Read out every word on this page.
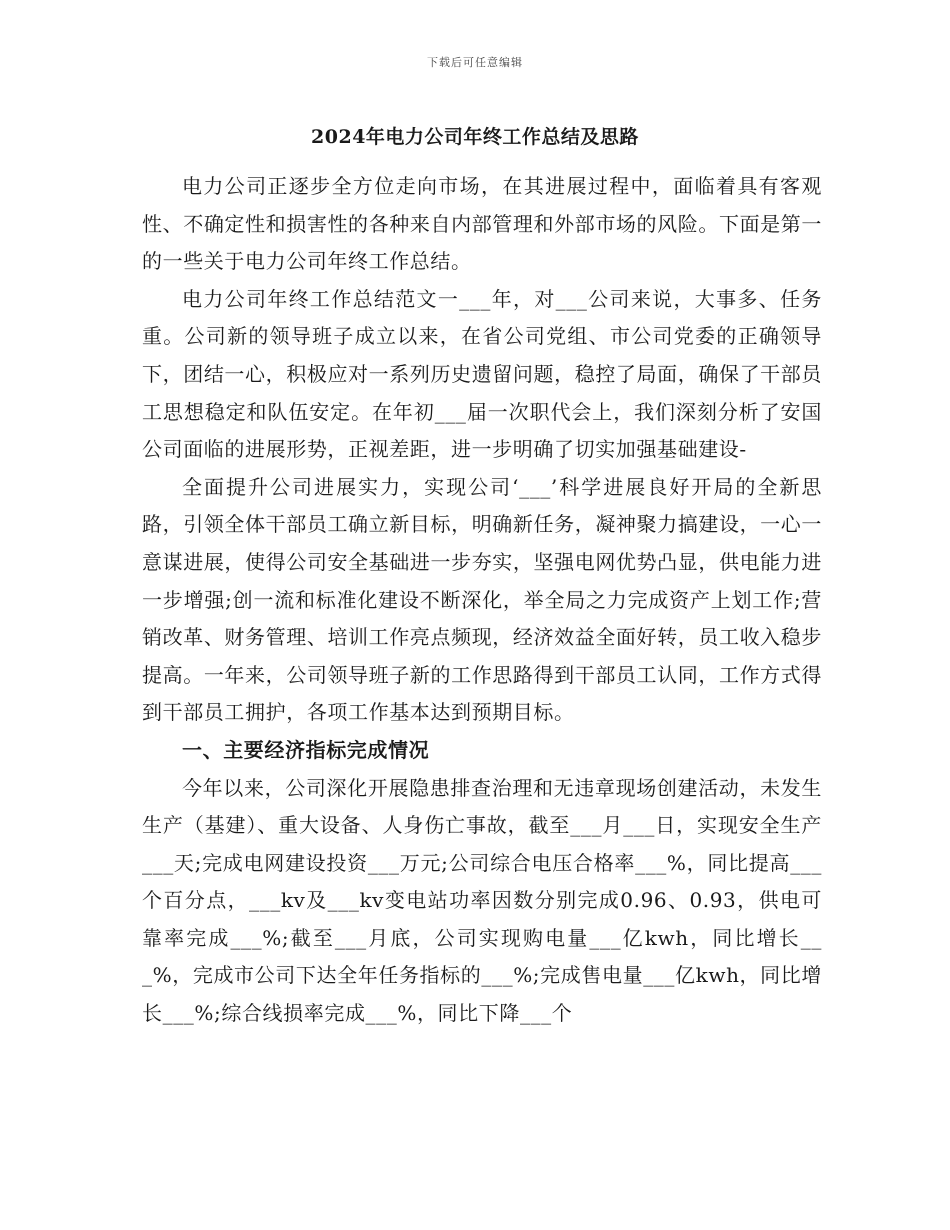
下载后可任意编辑
2024年电力公司年终工作总结及思路

电力公司正逐步全方位走向市场，在其进展过程中，面临着具有客观性、不确定性和损害性的各种来自内部管理和外部市场的风险。下面是第一的一些关于电力公司年终工作总结。

电力公司年终工作总结范文一___年，对___公司来说，大事多、任务重。公司新的领导班子成立以来，在省公司党组、市公司党委的正确领导下，团结一心，积极应对一系列历史遗留问题，稳控了局面，确保了干部员工思想稳定和队伍安定。在年初___届一次职代会上，我们深刻分析了安国公司面临的进展形势，正视差距，进一步明确了切实加强基础建设-

全面提升公司进展实力，实现公司‘___’科学进展良好开局的全新思路，引领全体干部员工确立新目标，明确新任务，凝神聚力搞建设，一心一意谋进展，使得公司安全基础进一步夯实，坚强电网优势凸显，供电能力进一步增强;创一流和标准化建设不断深化，举全局之力完成资产上划工作;营销改革、财务管理、培训工作亮点频现，经济效益全面好转，员工收入稳步提高。一年来，公司领导班子新的工作思路得到干部员工认同，工作方式得到干部员工拥护，各项工作基本达到预期目标。

一、主要经济指标完成情况

今年以来，公司深化开展隐患排查治理和无违章现场创建活动，未发生生产（基建）、重大设备、人身伤亡事故，截至___月___日，实现安全生产___天;完成电网建设投资___万元;公司综合电压合格率___%，同比提高___个百分点，___kv及___kv变电站功率因数分别完成0.96、0.93，供电可靠率完成___%;截至___月底，公司实现购电量___亿kwh，同比增长___%，完成市公司下达全年任务指标的___%;完成售电量___亿kwh，同比增长___%;综合线损率完成___%，同比下降___个
